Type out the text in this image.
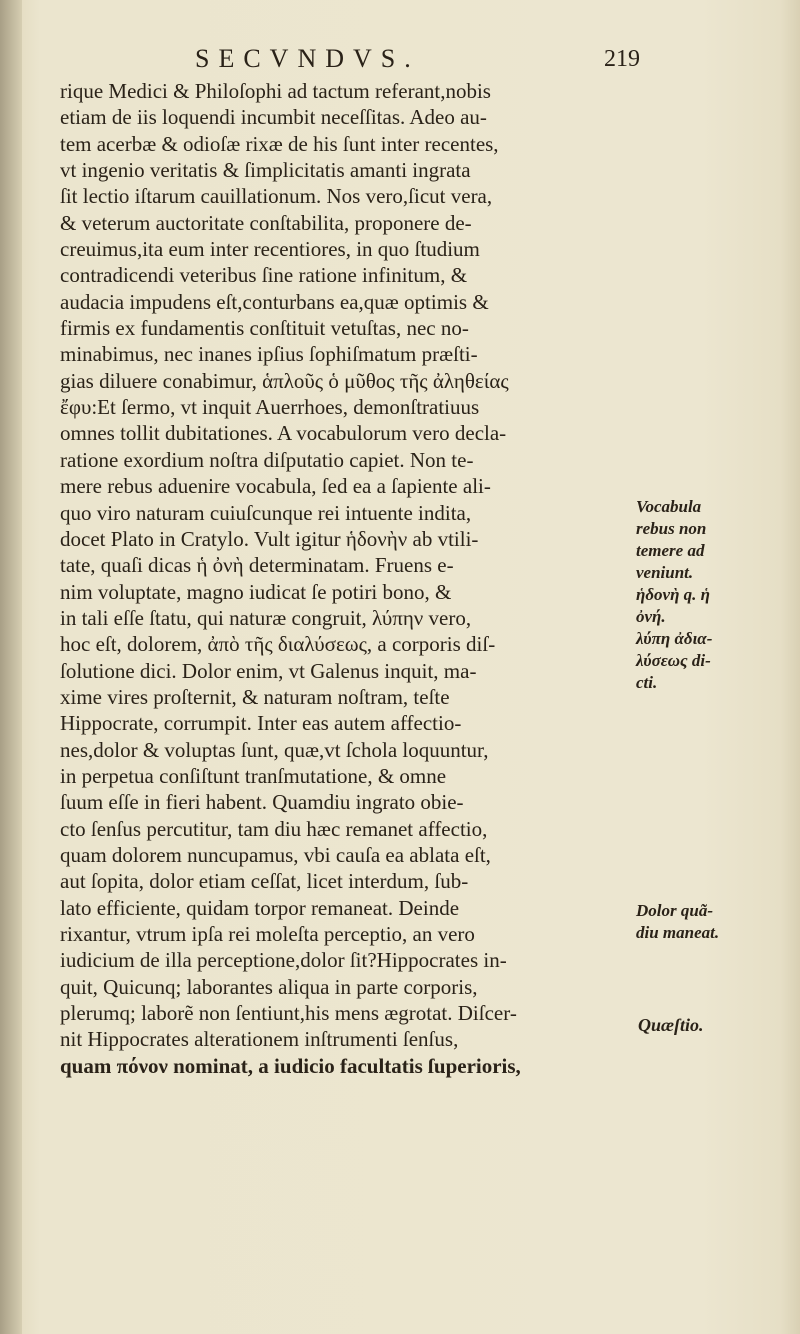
SECVNDVS.	219
rique Medici & Philoſophi ad tactum referant,nobis
etiam de iis loquendi incumbit neceſſitas. Adeo au-
tem acerbæ & odioſæ rixæ de his ſunt inter recentes,
vt ingenio veritatis & ſimplicitatis amanti ingrata
ſit lectio iſtarum cauillationum. Nos vero,ſicut vera,
& veterum auctoritate conſtabilita, proponere de-
creuimus,ita eum inter recentiores, in quo ſtudium
contradicendi veteribus ſine ratione infinitum, &
audacia impudens eſt,conturbans ea,quæ optimis &
firmis ex fundamentis conſtituit vetuſtas, nec no-
minabimus, nec inanes ipſius ſophiſmatum præſti-
gias diluere conabimur, ἁπλοῦς ὁ μῦθος τῆς ἀληθείας
ἔφυ:Et ſermo, vt inquit Auerrhoes, demonſtratiuus
omnes tollit dubitationes. A vocabulorum vero decla-
ratione exordium noſtra diſputatio capiet. Non te-
mere rebus aduenire vocabula, ſed ea a ſapiente ali-
quo viro naturam cuiuſcunque rei intuente indita,
docet Plato in Cratylo. Vult igitur ἡδονὴν ab vtili-
tate, quaſi dicas ἡ ὀνὴ determinatam. Fruens e-
nim voluptate, magno iudicat ſe potiri bono, &
in tali eſſe ſtatu, qui naturæ congruit, λύπην vero,
hoc eſt, dolorem, ἀπὸ τῆς διαλύσεως, a corporis diſ-
ſolutione dici. Dolor enim, vt Galenus inquit, ma-
xime vires proſternit, & naturam noſtram, teſte
Hippocrate, corrumpit. Inter eas autem affectio-
nes,dolor & voluptas ſunt, quæ,vt ſchola loquuntur,
in perpetua conſiſtunt tranſmutatione, & omne
ſuum eſſe in fieri habent. Quamdiu ingrato obie-
cto ſenſus percutitur, tam diu hæc remanet affectio,
quam dolorem nuncupamus, vbi cauſa ea ablata eſt,
aut ſopita, dolor etiam ceſſat, licet interdum, ſub-
lato efficiente, quidam torpor remaneat. Deinde
rixantur, vtrum ipſa rei moleſta perceptio, an vero
iudicium de illa perceptione,dolor ſit?Hippocrates in-
quit, Quicunq; laborantes aliqua in parte corporis,
plerumq; laborẽ non ſentiunt,his mens ægrotat. Diſcer-
nit Hippocrates alterationem inſtrumenti ſenſus,
quam πόνον nominat, a iudicio facultatis ſuperioris,
Vocabula
rebus non
temere ad
veniunt.
ἡδονὴ q. ἡ
ὀνή.
λύπη ἀδια-
λύσεως di-
cti.
Dolor quã-
diu maneat.
Quæſtio.
